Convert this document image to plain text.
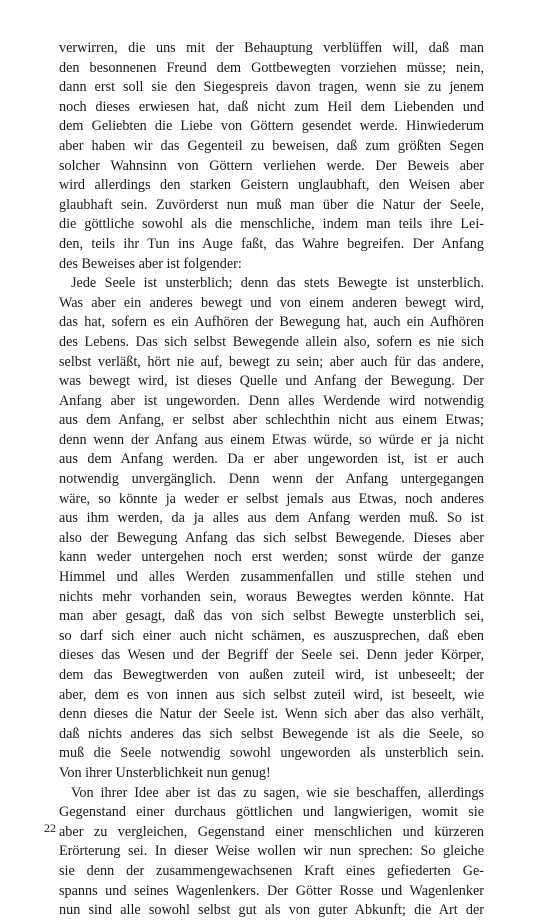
verwirren, die uns mit der Behauptung verblüffen will, daß man
den besonnenen Freund dem Gottbewegten vorziehen müsse; nein,
dann erst soll sie den Siegespreis davon tragen, wenn sie zu jenem
noch dieses erwiesen hat, daß nicht zum Heil dem Liebenden und
dem Geliebten die Liebe von Göttern gesendet werde. Hinwiederum
aber haben wir das Gegenteil zu beweisen, daß zum größten Segen
solcher Wahnsinn von Göttern verliehen werde. Der Beweis aber
wird allerdings den starken Geistern unglaubhaft, den Weisen aber
glaubhaft sein. Zuvörderst nun muß man über die Natur der Seele,
die göttliche sowohl als die menschliche, indem man teils ihre Lei-
den, teils ihr Tun ins Auge faßt, das Wahre begreifen. Der Anfang
des Beweises aber ist folgender:
Jede Seele ist unsterblich; denn das stets Bewegte ist unsterblich.
Was aber ein anderes bewegt und von einem anderen bewegt wird,
das hat, sofern es ein Aufhören der Bewegung hat, auch ein Aufhören
des Lebens. Das sich selbst Bewegende allein also, sofern es nie sich
selbst verläßt, hört nie auf, bewegt zu sein; aber auch für das andere,
was bewegt wird, ist dieses Quelle und Anfang der Bewegung. Der
Anfang aber ist ungeworden. Denn alles Werdende wird notwendig
aus dem Anfang, er selbst aber schlechthin nicht aus einem Etwas;
denn wenn der Anfang aus einem Etwas würde, so würde er ja nicht
aus dem Anfang werden. Da er aber ungeworden ist, ist er auch
notwendig unvergänglich. Denn wenn der Anfang untergegangen
wäre, so könnte ja weder er selbst jemals aus Etwas, noch anderes
aus ihm werden, da ja alles aus dem Anfang werden muß. So ist
also der Bewegung Anfang das sich selbst Bewegende. Dieses aber
kann weder untergehen noch erst werden; sonst würde der ganze
Himmel und alles Werden zusammenfallen und stille stehen und
nichts mehr vorhanden sein, woraus Bewegtes werden könnte. Hat
man aber gesagt, daß das von sich selbst Bewegte unsterblich sei,
so darf sich einer auch nicht schämen, es auszusprechen, daß eben
dieses das Wesen und der Begriff der Seele sei. Denn jeder Körper,
dem das Bewegtwerden von außen zuteil wird, ist unbeseelt; der
aber, dem es von innen aus sich selbst zuteil wird, ist beseelt, wie
denn dieses die Natur der Seele ist. Wenn sich aber das also verhält,
daß nichts anderes das sich selbst Bewegende ist als die Seele, so
muß die Seele notwendig sowohl ungeworden als unsterblich sein.
Von ihrer Unsterblichkeit nun genug!
Von ihrer Idee aber ist das zu sagen, wie sie beschaffen, allerdings
Gegenstand einer durchaus göttlichen und langwierigen, womit sie
aber zu vergleichen, Gegenstand einer menschlichen und kürzeren
Erörterung sei. In dieser Weise wollen wir nun sprechen: So gleiche
sie denn der zusammengewachsenen Kraft eines gefiederten Ge-
spanns und seines Wagenlenkers. Der Götter Rosse und Wagenlenker
nun sind alle sowohl selbst gut als von guter Abkunft; die Art der
22
